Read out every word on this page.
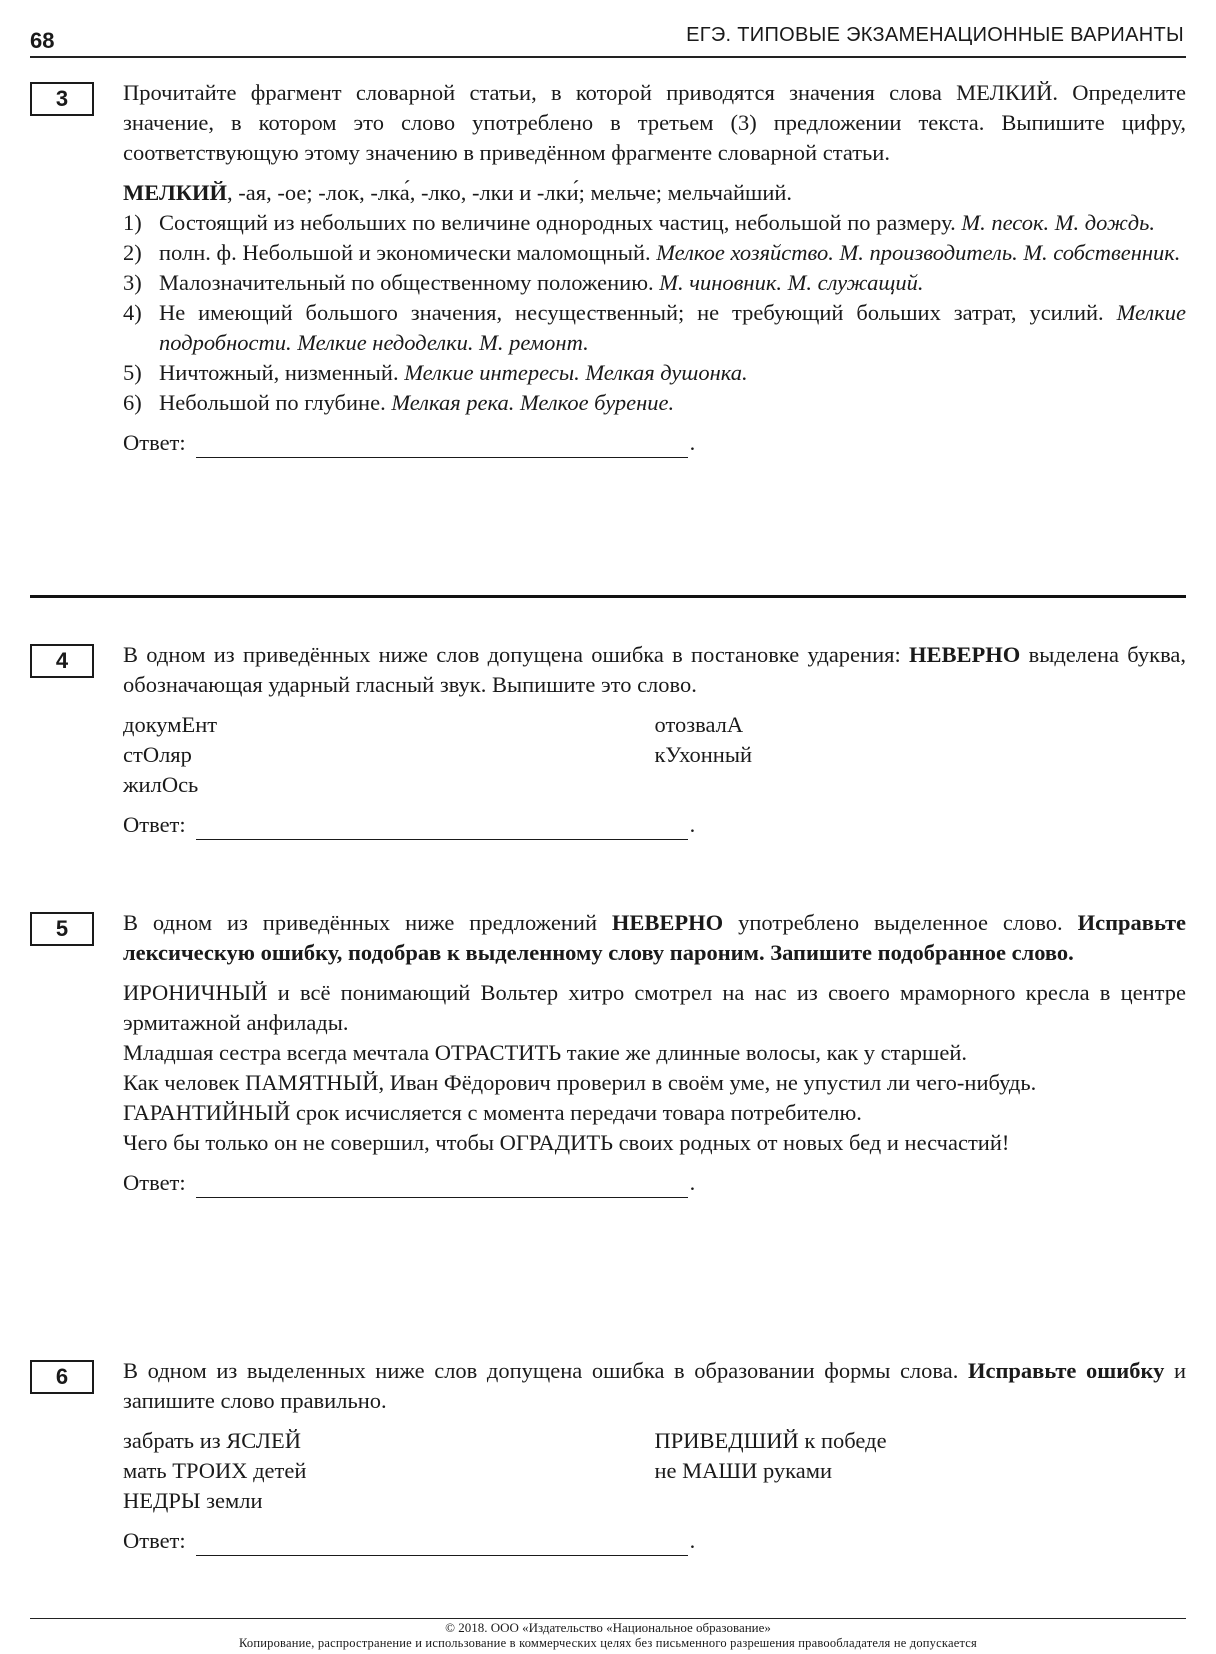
68	ЕГЭ. ТИПОВЫЕ ЭКЗАМЕНАЦИОННЫЕ ВАРИАНТЫ
3	Прочитайте фрагмент словарной статьи, в которой приводятся значения слова МЕЛКИЙ. Определите значение, в котором это слово употреблено в третьем (3) предложении текста. Выпишите цифру, соответствующую этому значению в приведённом фрагменте словарной статьи.

МЕЛКИЙ, -ая, -ое; -лок, -лка́, -лко, -лки и -лки́; мельче; мельчайший.

1) Состоящий из небольших по величине однородных частиц, небольшой по размеру. М. песок. М. дождь.
2) полн. ф. Небольшой и экономически маломощный. Мелкое хозяйство. М. производитель. М. собственник.
3) Малозначительный по общественному положению. М. чиновник. М. служащий.
4) Не имеющий большого значения, несущественный; не требующий больших затрат, усилий. Мелкие подробности. Мелкие недоделки. М. ремонт.
5) Ничтожный, низменный. Мелкие интересы. Мелкая душонка.
6) Небольшой по глубине. Мелкая река. Мелкое бурение.
Ответ:	.
4	В одном из приведённых ниже слов допущена ошибка в постановке ударения: НЕВЕРНО выделена буква, обозначающая ударный гласный звук. Выпишите это слово.

докумЕнт
стОляр
жилОсь
отозвалА
кУхонный
Ответ:	.
5	В одном из приведённых ниже предложений НЕВЕРНО употреблено выделенное слово. Исправьте лексическую ошибку, подобрав к выделенному слову пароним. Запишите подобранное слово.

ИРОНИЧНЫЙ и всё понимающий Вольтер хитро смотрел на нас из своего мраморного кресла в центре эрмитажной анфилады.

Младшая сестра всегда мечтала ОТРАСТИТЬ такие же длинные волосы, как у старшей.

Как человек ПАМЯТНЫЙ, Иван Фёдорович проверил в своём уме, не упустил ли чего-нибудь.

ГАРАНТИЙНЫЙ срок исчисляется с момента передачи товара потребителю.

Чего бы только он не совершил, чтобы ОГРАДИТЬ своих родных от новых бед и несчастий!

Ответ:	.
6	В одном из выделенных ниже слов допущена ошибка в образовании формы слова. Исправьте ошибку и запишите слово правильно.

забрать из ЯСЛЕЙ
мать ТРОИХ детей
НЕДРЫ земли
ПРИВЕДШИЙ к победе
не МАШИ руками
Ответ:	.
© 2018. ООО «Издательство «Национальное образование»
Копирование, распространение и использование в коммерческих целях без письменного разрешения правообладателя не допускается
